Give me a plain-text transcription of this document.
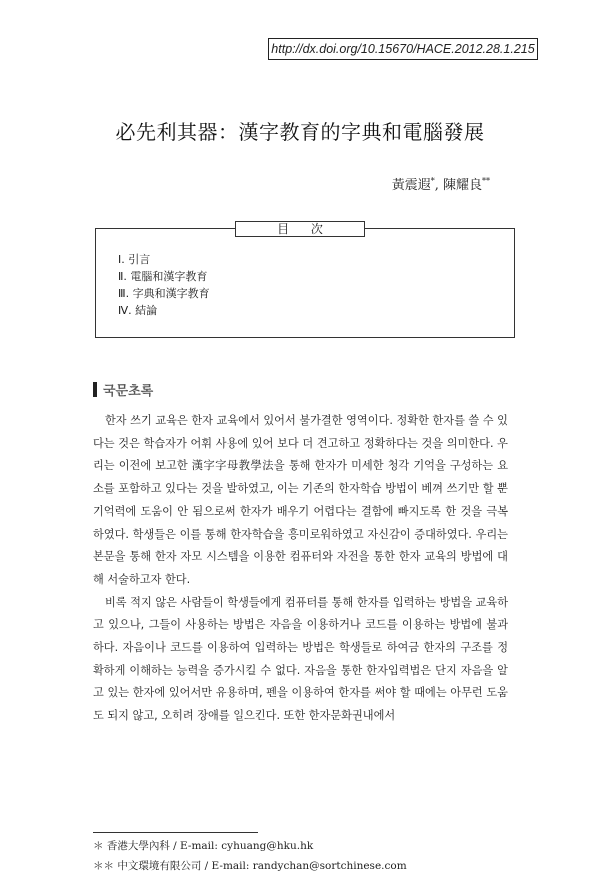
http://dx.doi.org/10.15670/HACE.2012.28.1.215
必先利其器：漢字教育的字典和電腦發展
黃震遐*, 陳耀良**
目 次
Ⅰ. 引言
Ⅱ. 電腦和漢字教育
Ⅲ. 字典和漢字教育
Ⅳ. 結論
국문초록

한자 쓰기 교육은 한자 교육에서 있어서 불가결한 영역이다. 정확한 한자를 쓸 수 있다는 것은 학습자가 어휘 사용에 있어 보다 더 견고하고 정확하다는 것을 의미한다. 우리는 이전에 보고한 漢字字母教學法을 통해 한자가 미세한 청각 기억을 구성하는 요소를 포함하고 있다는 것을 발하였고, 이는 기존의 한자학습 방법이 베껴 쓰기만 할 뿐 기억력에 도움이 안 됨으로써 한자가 배우기 어렵다는 결함에 빠지도록 한 것을 극복하였다. 학생들은 이를 통해 한자학습을 흥미로워하였고 자신감이 증대하였다. 우리는 본문을 통해 한자 자모 시스템을 이용한 컴퓨터와 자전을 통한 한자 교육의 방법에 대해 서술하고자 한다.

비록 적지 않은 사람들이 학생들에게 컴퓨터를 통해 한자를 입력하는 방법을 교육하고 있으나, 그들이 사용하는 방법은 자음을 이용하거나 코드를 이용하는 방법에 불과하다. 자음이나 코드를 이용하여 입력하는 방법은 학생들로 하여금 한자의 구조를 정확하게 이해하는 능력을 증가시킬 수 없다. 자음을 통한 한자입력법은 단지 자음을 알고 있는 한자에 있어서만 유용하며, 펜을 이용하여 한자를 써야 할 때에는 아무런 도움도 되지 않고, 오히려 장애를 일으킨다. 또한 한자문화권내에서

＊ 香港大學內科 / E-mail: cyhuang@hku.hk
＊＊ 中文環境有限公司 / E-mail: randychan@sortchinese.com
